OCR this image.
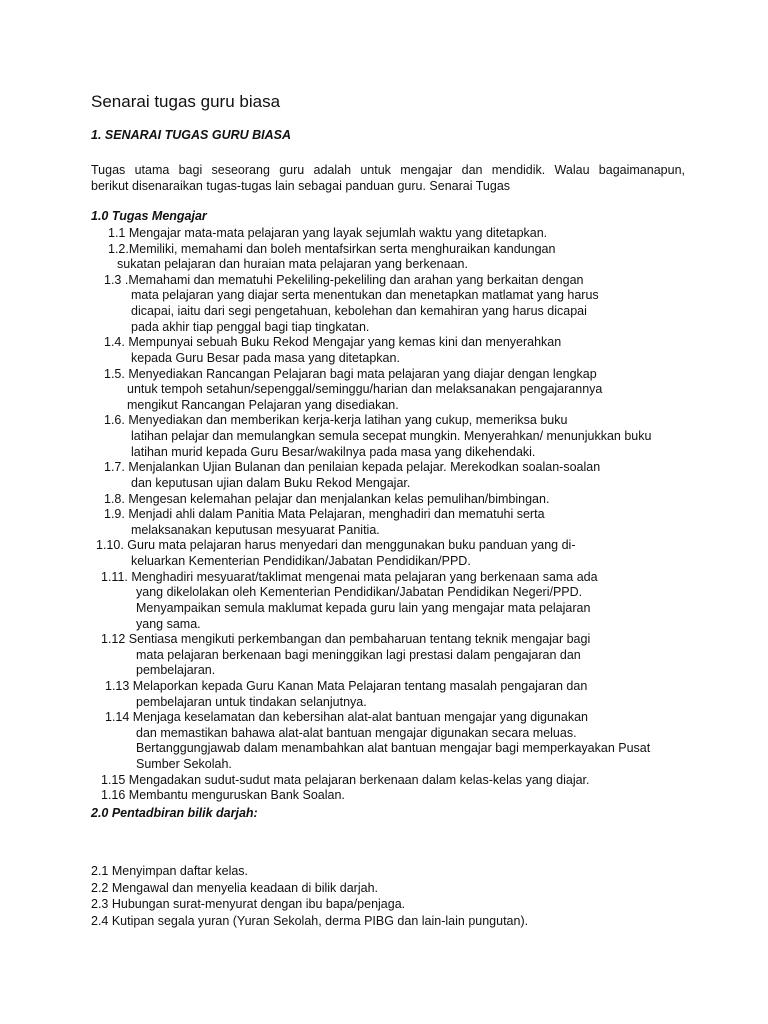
Senarai tugas guru biasa
1. SENARAI TUGAS GURU BIASA
Tugas utama bagi seseorang guru adalah untuk mengajar dan mendidik. Walau bagaimanapun,
berikut disenaraikan tugas-tugas lain sebagai panduan guru. Senarai Tugas
1.0 Tugas Mengajar
1.1 Mengajar mata-mata pelajaran yang layak sejumlah waktu yang ditetapkan.
1.2.Memiliki, memahami dan boleh mentafsirkan serta menghuraikan kandungan
sukatan pelajaran dan huraian mata pelajaran yang berkenaan.
1.3 .Memahami dan mematuhi Pekeliling-pekeliling dan arahan yang berkaitan dengan
mata pelajaran yang diajar serta menentukan dan menetapkan matlamat yang harus
dicapai, iaitu dari segi pengetahuan, kebolehan dan kemahiran yang harus dicapai
pada akhir tiap penggal bagi tiap tingkatan.
1.4. Mempunyai sebuah Buku Rekod Mengajar yang kemas kini dan menyerahkan
kepada Guru Besar pada masa yang ditetapkan.
1.5. Menyediakan Rancangan Pelajaran bagi mata pelajaran yang diajar dengan lengkap
untuk tempoh setahun/sepenggal/seminggu/harian dan melaksanakan pengajarannya
mengikut Rancangan Pelajaran yang disediakan.
1.6. Menyediakan dan memberikan kerja-kerja latihan yang cukup, memeriksa buku
latihan pelajar dan memulangkan semula secepat mungkin. Menyerahkan/ menunjukkan buku
latihan murid kepada Guru Besar/wakilnya pada masa yang dikehendaki.
1.7. Menjalankan Ujian Bulanan dan penilaian kepada pelajar. Merekodkan soalan-soalan
dan keputusan ujian dalam Buku Rekod Mengajar.
1.8. Mengesan kelemahan pelajar dan menjalankan kelas pemulihan/bimbingan.
1.9. Menjadi ahli dalam Panitia Mata Pelajaran, menghadiri dan mematuhi serta
melaksanakan keputusan mesyuarat Panitia.
1.10. Guru mata pelajaran harus menyedari dan menggunakan buku panduan yang di-
keluarkan Kementerian Pendidikan/Jabatan Pendidikan/PPD.
1.11. Menghadiri mesyuarat/taklimat mengenai mata pelajaran yang berkenaan sama ada
yang dikelolakan oleh Kementerian Pendidikan/Jabatan Pendidikan Negeri/PPD.
Menyampaikan semula maklumat kepada guru lain yang mengajar mata pelajaran
yang sama.
1.12 Sentiasa mengikuti perkembangan dan pembaharuan tentang teknik mengajar bagi
mata pelajaran berkenaan bagi meninggikan lagi prestasi dalam pengajaran dan
pembelajaran.
1.13 Melaporkan kepada Guru Kanan Mata Pelajaran tentang masalah pengajaran dan
pembelajaran untuk tindakan selanjutnya.
1.14 Menjaga keselamatan dan kebersihan alat-alat bantuan mengajar yang digunakan
dan memastikan bahawa alat-alat bantuan mengajar digunakan secara meluas.
Bertanggungjawab dalam menambahkan alat bantuan mengajar bagi memperkayakan Pusat
Sumber Sekolah.
1.15 Mengadakan sudut-sudut mata pelajaran berkenaan dalam kelas-kelas yang diajar.
1.16 Membantu menguruskan Bank Soalan.
2.0 Pentadbiran bilik darjah:
2.1 Menyimpan daftar kelas.
2.2 Mengawal dan menyelia keadaan di bilik darjah.
2.3 Hubungan surat-menyurat dengan ibu bapa/penjaga.
2.4 Kutipan segala yuran (Yuran Sekolah, derma PIBG dan lain-lain pungutan).
